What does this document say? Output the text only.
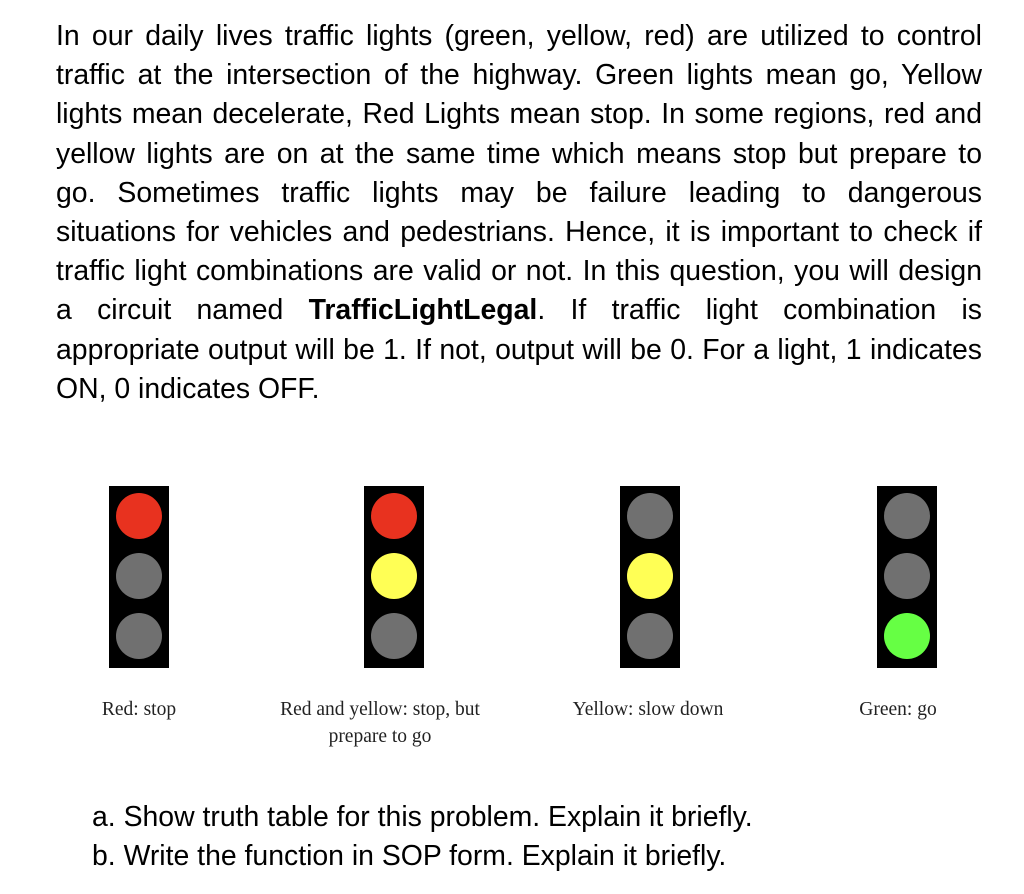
In our daily lives traffic lights (green, yellow, red) are utilized to control traffic at the intersection of the highway. Green lights mean go, Yellow lights mean decelerate, Red Lights mean stop. In some regions, red and yellow lights are on at the same time which means stop but prepare to go. Sometimes traffic lights may be failure leading to dangerous situations for vehicles and pedestrians. Hence, it is important to check if traffic light combinations are valid or not. In this question, you will design a circuit named TrafficLightLegal. If traffic light combination is appropriate output will be 1. If not, output will be 0. For a light, 1 indicates ON, 0 indicates OFF.

Red: stop	Red and yellow: stop, but
prepare to go
Yellow: slow down	Green: go
a. Show truth table for this problem. Explain it briefly.
b. Write the function in SOP form. Explain it briefly.
